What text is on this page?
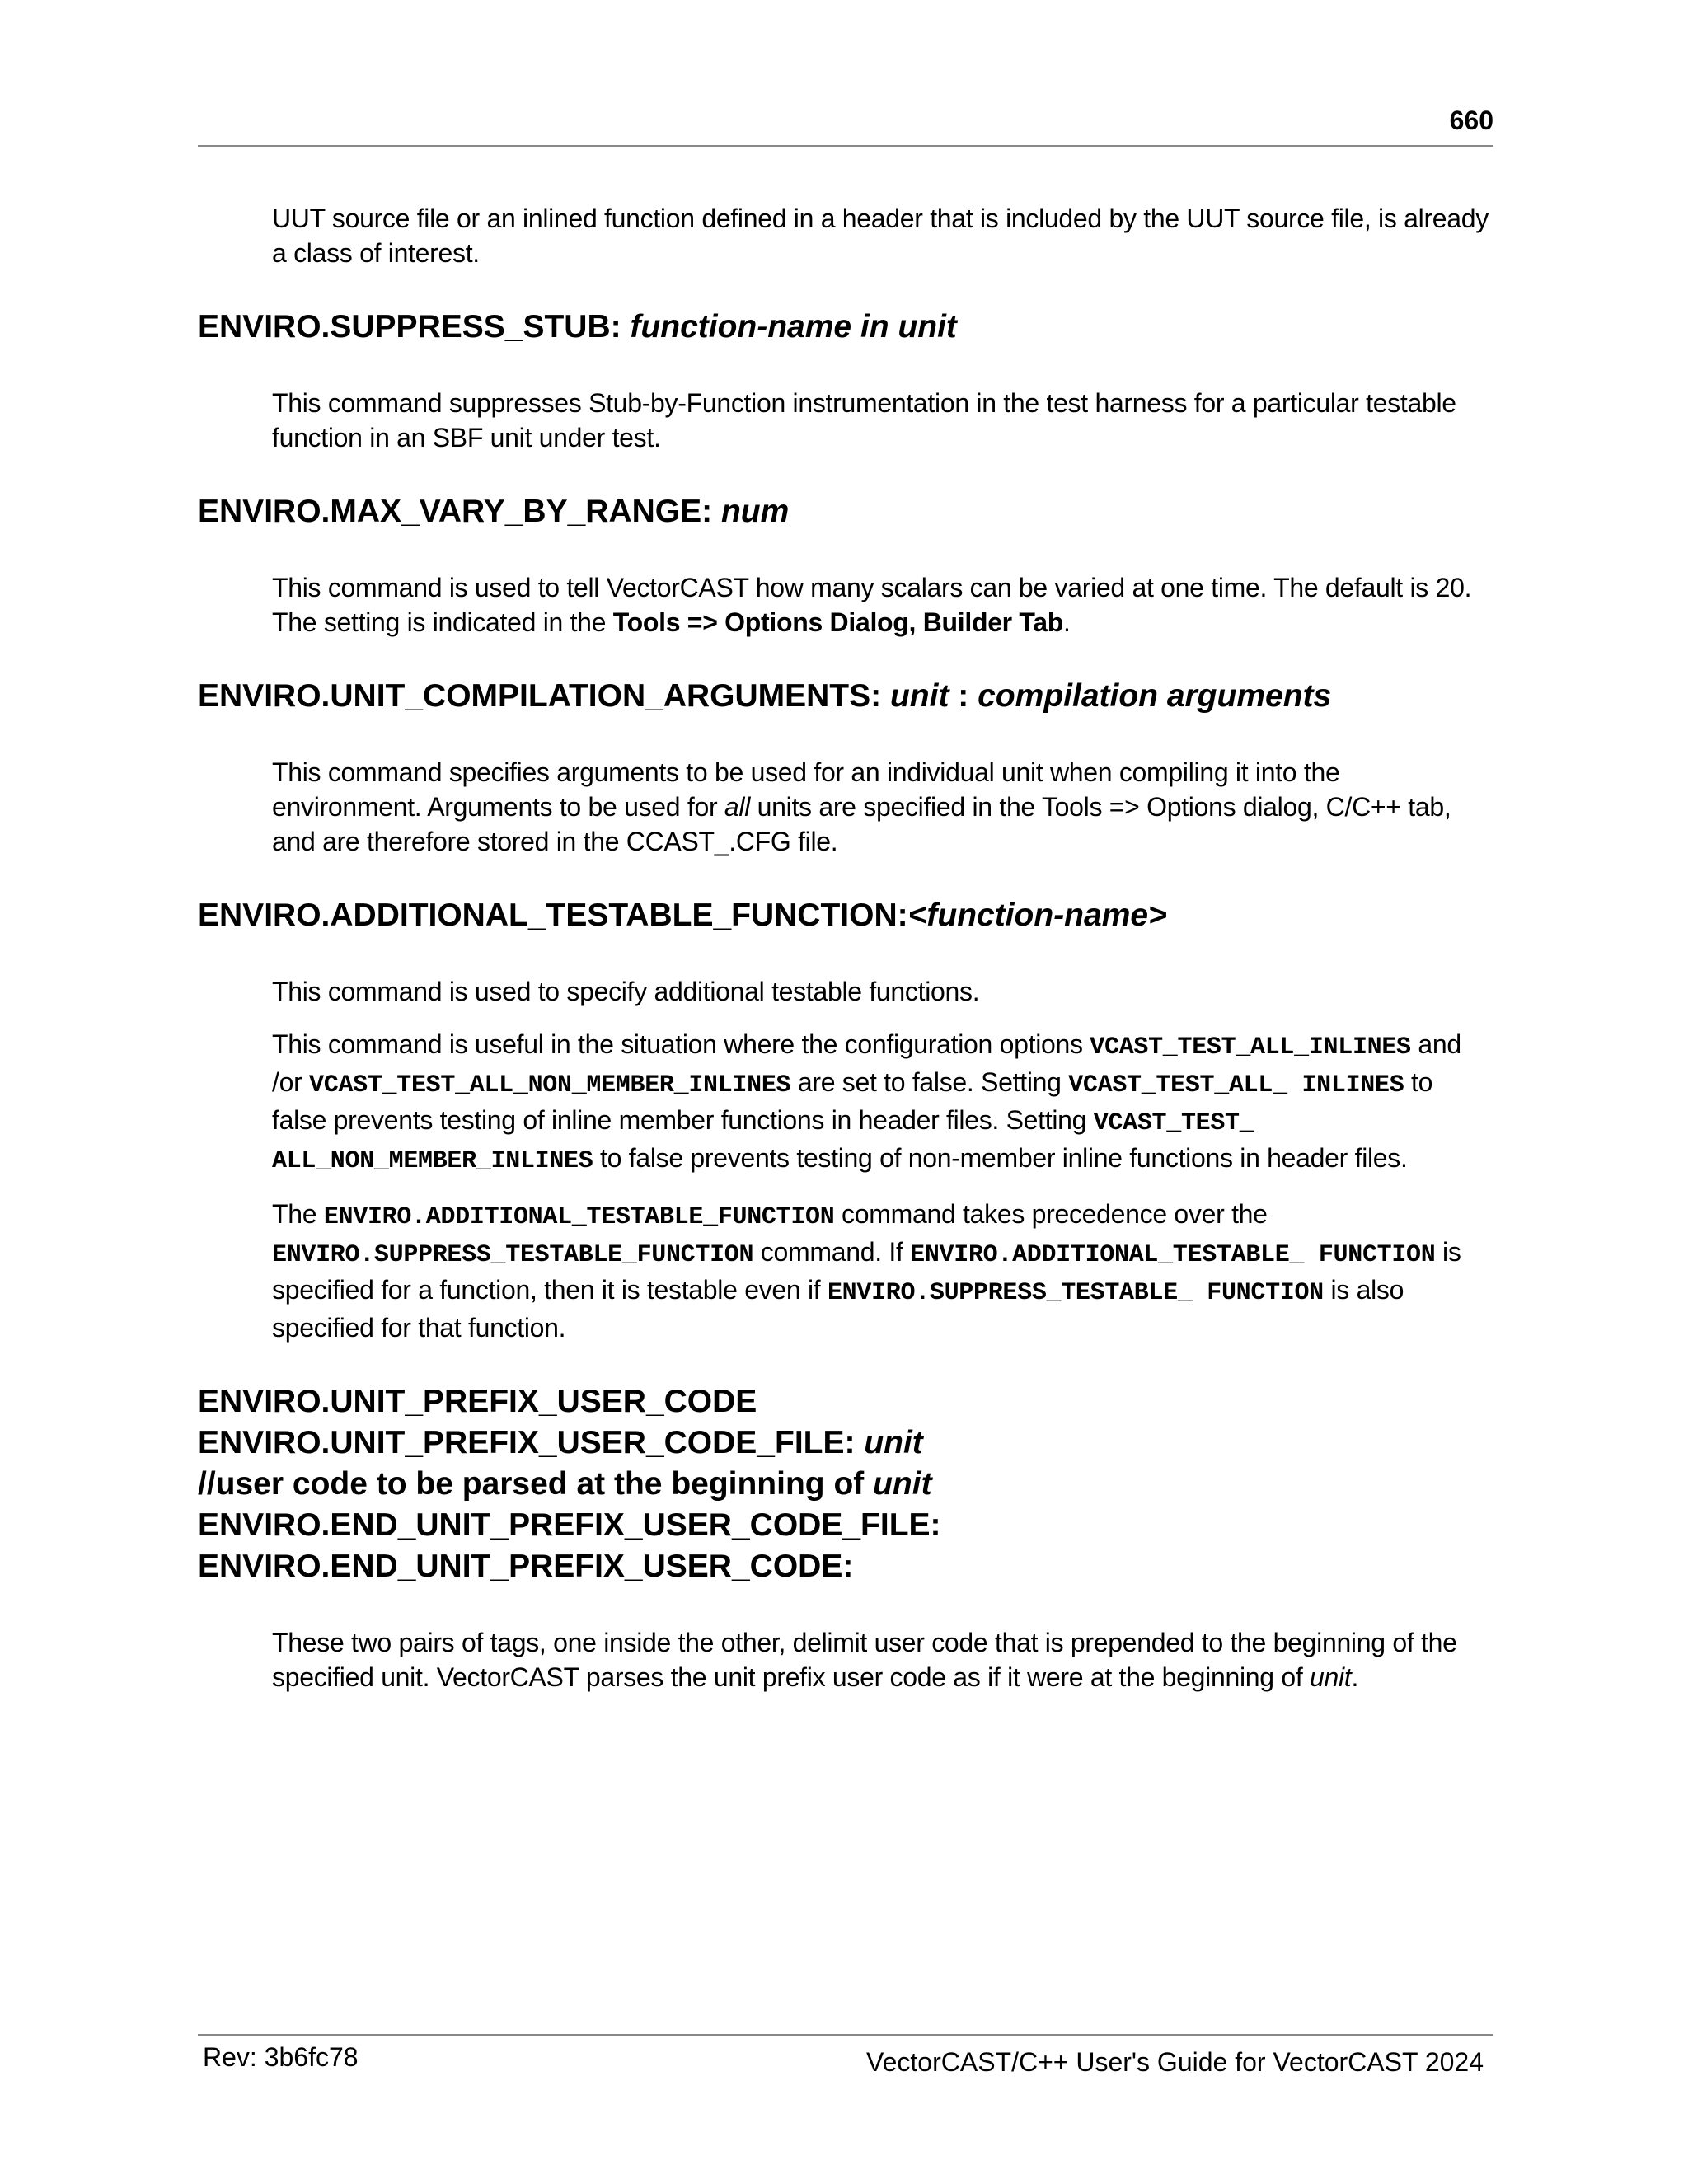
660

UUT source file or an inlined function defined in a header that is included by the UUT source file, is already a class of interest.

ENVIRO.SUPPRESS_STUB: function-name in unit

This command suppresses Stub-by-Function instrumentation in the test harness for a particular testable function in an SBF unit under test.

ENVIRO.MAX_VARY_BY_RANGE: num

This command is used to tell VectorCAST how many scalars can be varied at one time. The default is 20. The setting is indicated in the Tools => Options Dialog, Builder Tab.

ENVIRO.UNIT_COMPILATION_ARGUMENTS: unit : compilation arguments

This command specifies arguments to be used for an individual unit when compiling it into the environment. Arguments to be used for all units are specified in the Tools => Options dialog, C/C++ tab, and are therefore stored in the CCAST_.CFG file.

ENVIRO.ADDITIONAL_TESTABLE_FUNCTION:<function-name>

This command is used to specify additional testable functions.

This command is useful in the situation where the configuration options VCAST_TEST_ALL_INLINES and /or VCAST_TEST_ALL_NON_MEMBER_INLINES are set to false. Setting VCAST_TEST_ALL_ INLINES to false prevents testing of inline member functions in header files. Setting VCAST_TEST_ ALL_NON_MEMBER_INLINES to false prevents testing of non-member inline functions in header files.

The ENVIRO.ADDITIONAL_TESTABLE_FUNCTION command takes precedence over the ENVIRO.SUPPRESS_TESTABLE_FUNCTION command. If ENVIRO.ADDITIONAL_TESTABLE_ FUNCTION is specified for a function, then it is testable even if ENVIRO.SUPPRESS_TESTABLE_ FUNCTION is also specified for that function.

ENVIRO.UNIT_PREFIX_USER_CODE
ENVIRO.UNIT_PREFIX_USER_CODE_FILE: unit
//user code to be parsed at the beginning of unit
ENVIRO.END_UNIT_PREFIX_USER_CODE_FILE:
ENVIRO.END_UNIT_PREFIX_USER_CODE:

These two pairs of tags, one inside the other, delimit user code that is prepended to the beginning of the specified unit. VectorCAST parses the unit prefix user code as if it were at the beginning of unit.

Rev: 3b6fc78	VectorCAST/C++ User's Guide for VectorCAST 2024
